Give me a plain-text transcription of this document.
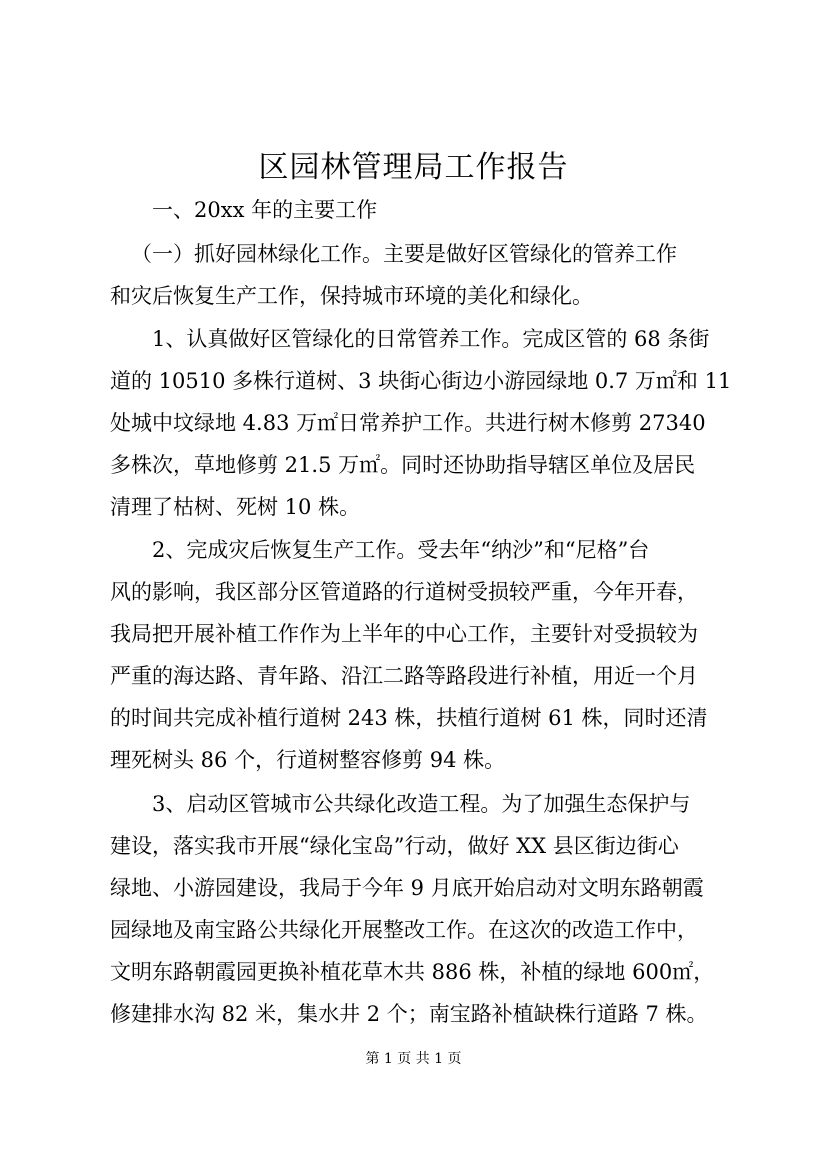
区园林管理局工作报告
一、20xx 年的主要工作
（一）抓好园林绿化工作。主要是做好区管绿化的管养工作
和灾后恢复生产工作，保持城市环境的美化和绿化。
1、认真做好区管绿化的日常管养工作。完成区管的 68 条街
道的 10510 多株行道树、3 块街心街边小游园绿地 0.7 万㎡和 11
处城中坟绿地 4.83 万㎡日常养护工作。共进行树木修剪 27340
多株次，草地修剪 21.5 万㎡。同时还协助指导辖区单位及居民
清理了枯树、死树 10 株。
2、完成灾后恢复生产工作。受去年“纳沙”和“尼格”台
风的影响，我区部分区管道路的行道树受损较严重，今年开春，
我局把开展补植工作作为上半年的中心工作，主要针对受损较为
严重的海达路、青年路、沿江二路等路段进行补植，用近一个月
的时间共完成补植行道树 243 株，扶植行道树 61 株，同时还清
理死树头 86 个，行道树整容修剪 94 株。
3、启动区管城市公共绿化改造工程。为了加强生态保护与
建设，落实我市开展“绿化宝岛”行动，做好 XX 县区街边街心
绿地、小游园建设，我局于今年 9 月底开始启动对文明东路朝霞
园绿地及南宝路公共绿化开展整改工作。在这次的改造工作中，
文明东路朝霞园更换补植花草木共 886 株，补植的绿地 600㎡，
修建排水沟 82 米，集水井 2 个；南宝路补植缺株行道路 7 株。
第 1 页 共 1 页
